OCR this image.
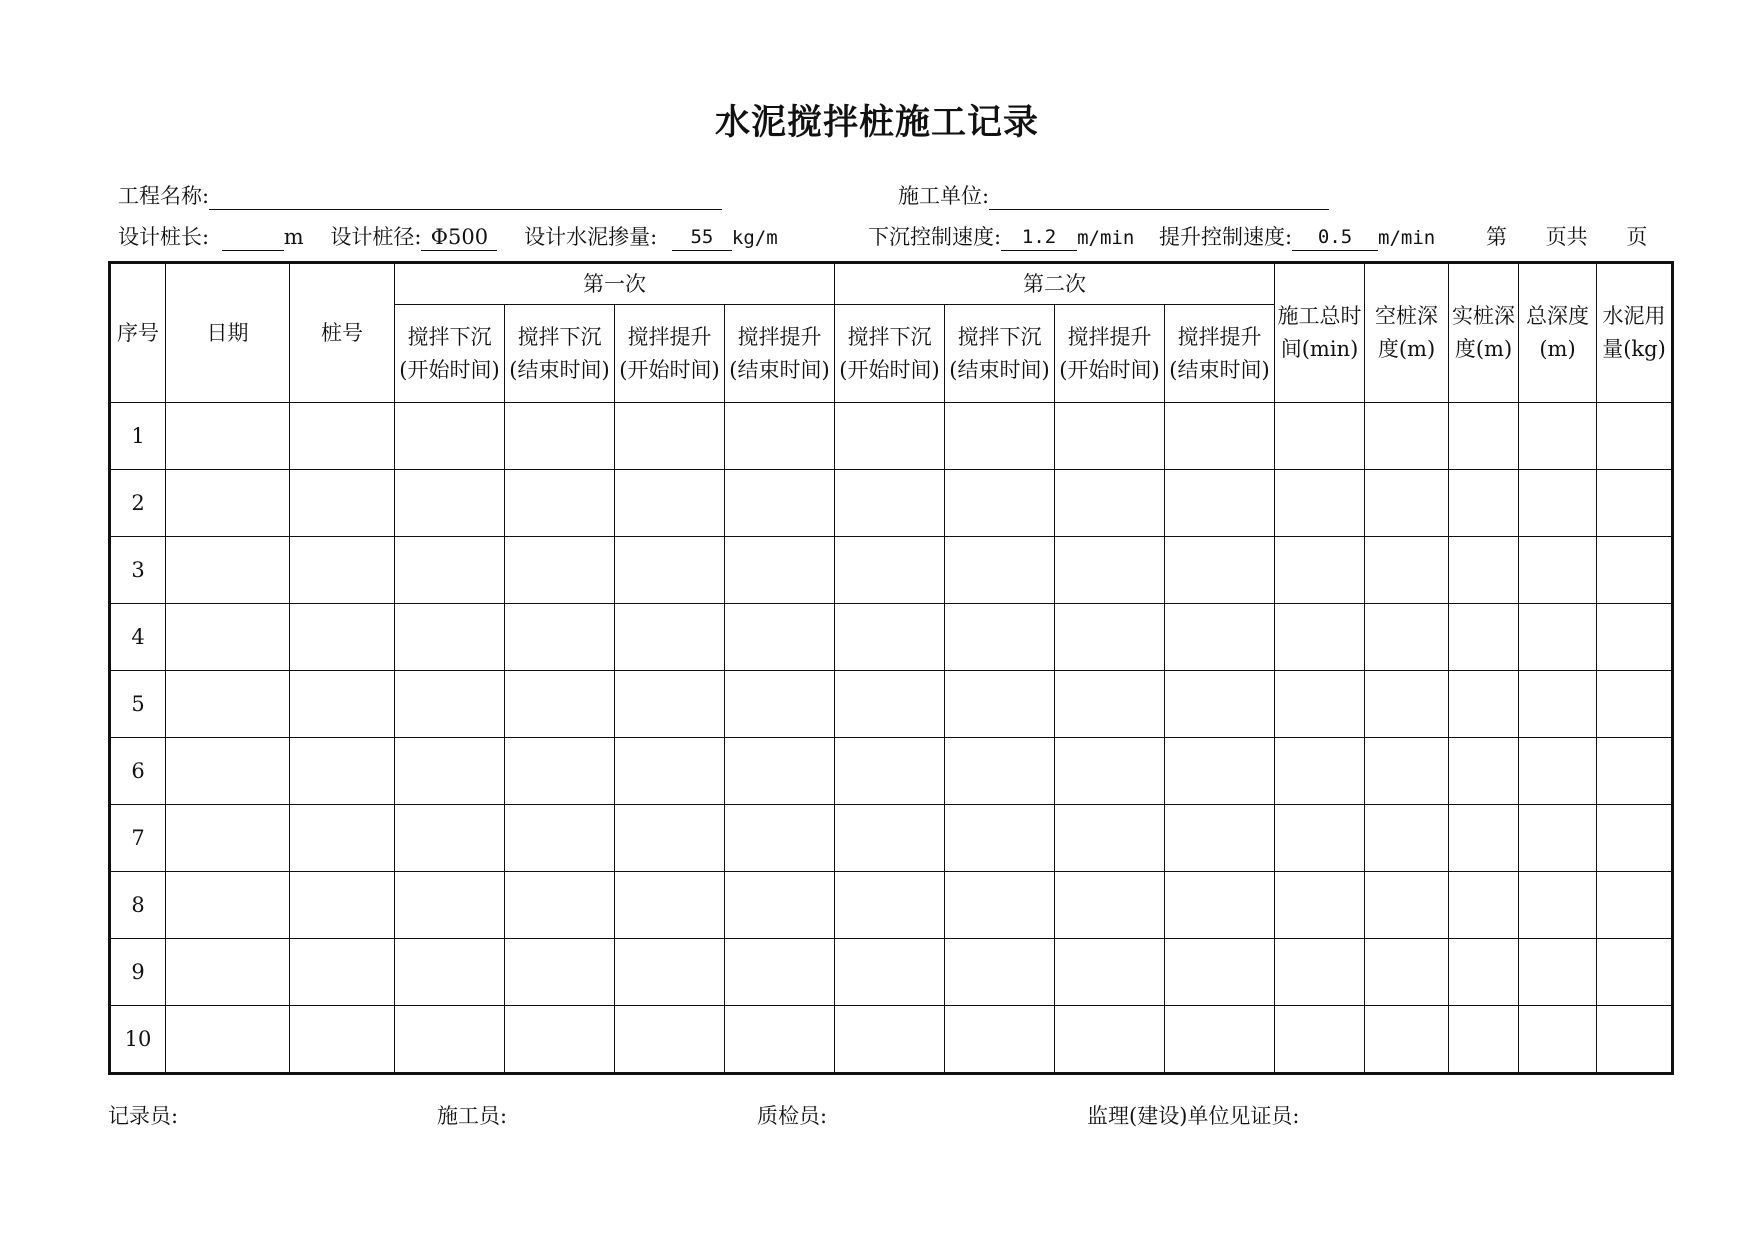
水泥搅拌桩施工记录
工程名称:	施工单位:
设计桩长:	m 设计桩径: Φ500 设计水泥掺量: 55 kg/m	下沉控制速度: 1.2 m/min 提升控制速度: 0.5 m/min 第 页共 页
序号	日期	桩号	第一次				第二次				施工总时间(min)	空桩深度(m)	实桩深度(m)	总深度(m)	水泥用量(kg)
			搅拌下沉(开始时间)	搅拌下沉(结束时间)	搅拌提升(开始时间)	搅拌提升(结束时间)	搅拌下沉(开始时间)	搅拌下沉(结束时间)	搅拌提升(开始时间)	搅拌提升(结束时间)					
1															
2															
3															
4															
5															
6															
7															
8															
9															
10															
记录员:	施工员:	质检员:	监理(建设)单位见证员:
